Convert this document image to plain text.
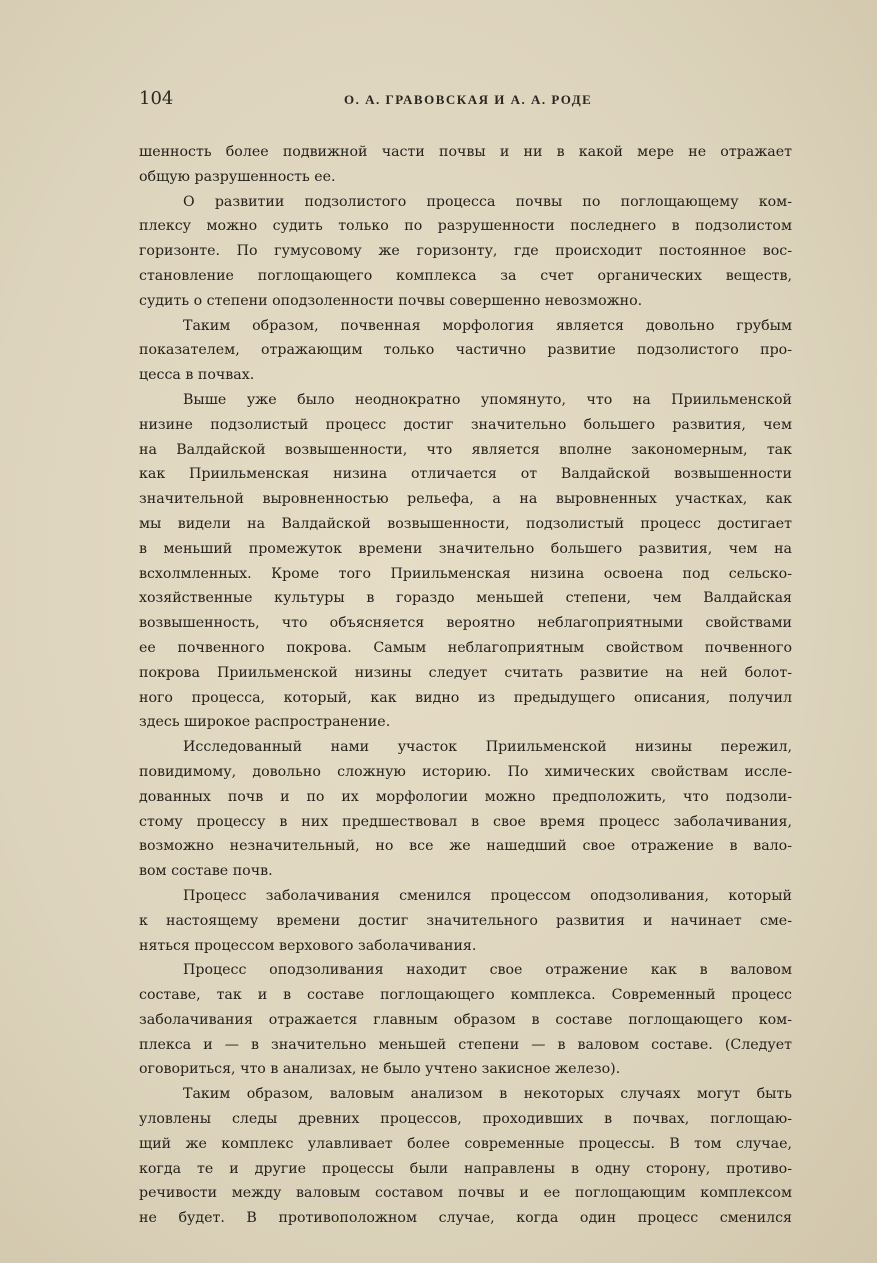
104	О. А. ГРАВОВСКАЯ И А. А. РОДЕ

шенность более подвижной части почвы и ни в какой мере не отражает
общую разрушенность ее.

О развитии подзолистого процесса почвы по поглощающему ком-
плексу можно судить только по разрушенности последнего в подзолистом
горизонте. По гумусовому же горизонту, где происходит постоянное вос-
становление поглощающего комплекса за счет органических веществ,
судить о степени оподзоленности почвы совершенно невозможно.

Таким образом, почвенная морфология является довольно грубым
показателем, отражающим только частично развитие подзолистого про-
цесса в почвах.

Выше уже было неоднократно упомянуто, что на Приильменской
низине подзолистый процесс достиг значительно большего развития, чем
на Валдайской возвышенности, что является вполне закономерным, так
как Приильменская низина отличается от Валдайской возвышенности
значительной выровненностью рельефа, а на выровненных участках, как
мы видели на Валдайской возвышенности, подзолистый процесс достигает
в меньший промежуток времени значительно большего развития, чем на
всхолмленных. Кроме того Приильменская низина освоена под сельско-
хозяйственные культуры в гораздо меньшей степени, чем Валдайская
возвышенность, что объясняется вероятно неблагоприятными свойствами
ее почвенного покрова. Самым неблагоприятным свойством почвенного
покрова Приильменской низины следует считать развитие на ней болот-
ного процесса, который, как видно из предыдущего описания, получил
здесь широкое распространение.

Исследованный нами участок Приильменской низины пережил,
повидимому, довольно сложную историю. По химических свойствам иссле-
дованных почв и по их морфологии можно предположить, что подзоли-
стому процессу в них предшествовал в свое время процесс заболачивания,
возможно незначительный, но все же нашедший свое отражение в вало-
вом составе почв.

Процесс заболачивания сменился процессом оподзоливания, который
к настоящему времени достиг значительного развития и начинает сме-
няться процессом верхового заболачивания.

Процесс оподзоливания находит свое отражение как в валовом
составе, так и в составе поглощающего комплекса. Современный процесс
заболачивания отражается главным образом в составе поглощающего ком-
плекса и — в значительно меньшей степени — в валовом составе. (Следует
оговориться, что в анализах, не было учтено закисное железо).

Таким образом, валовым анализом в некоторых случаях могут быть
уловлены следы древних процессов, проходивших в почвах, поглощаю-
щий же комплекс улавливает более современные процессы. В том случае,
когда те и другие процессы были направлены в одну сторону, противо-
речивости между валовым составом почвы и ее поглощающим комплексом
не будет. В противоположном случае, когда один процесс сменился
